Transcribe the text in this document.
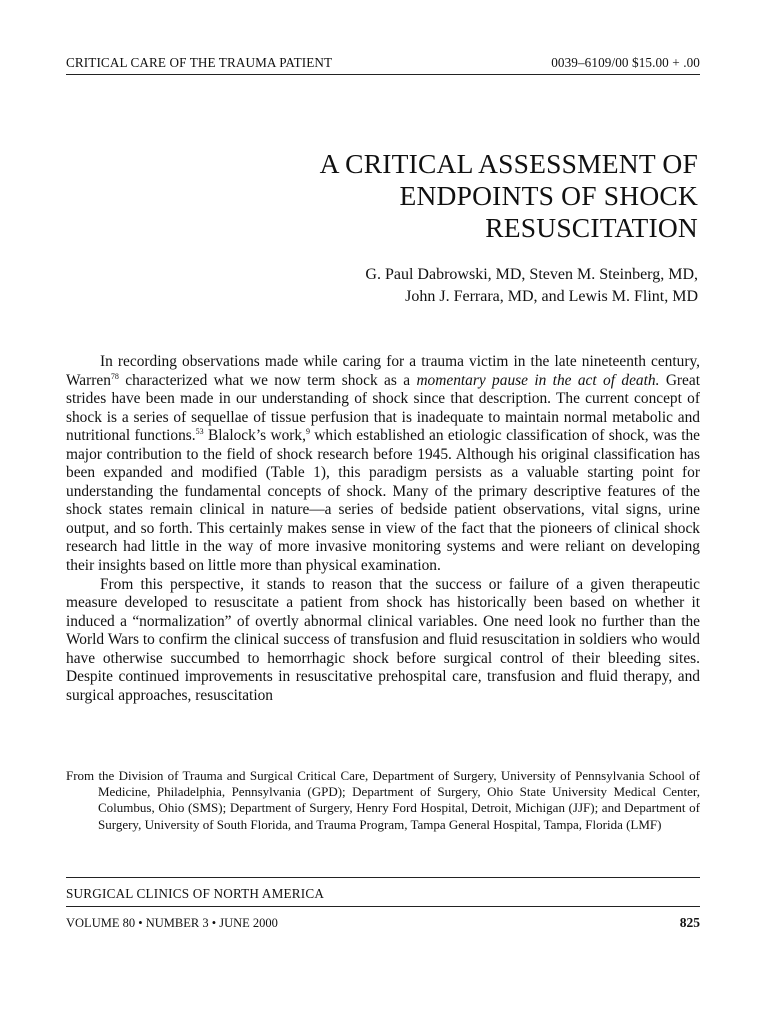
CRITICAL CARE OF THE TRAUMA PATIENT	0039–6109/00 $15.00 + .00
A CRITICAL ASSESSMENT OF
ENDPOINTS OF SHOCK
RESUSCITATION
G. Paul Dabrowski, MD, Steven M. Steinberg, MD,
John J. Ferrara, MD, and Lewis M. Flint, MD

In recording observations made while caring for a trauma victim in the late nineteenth century, Warren$^{78}$ characterized what we now term shock as a momentary pause in the act of death. Great strides have been made in our understanding of shock since that description. The current concept of shock is a series of sequellae of tissue perfusion that is inadequate to maintain normal metabolic and nutritional functions.$^{53}$ Blalock’s work,$^9$ which established an etiologic classification of shock, was the major contribution to the field of shock research before 1945. Although his original classification has been expanded and modified (Table 1), this paradigm persists as a valuable starting point for understanding the fundamental concepts of shock. Many of the primary descriptive features of the shock states remain clinical in nature—a series of bedside patient observations, vital signs, urine output, and so forth. This certainly makes sense in view of the fact that the pioneers of clinical shock research had little in the way of more invasive monitoring systems and were reliant on developing their insights based on little more than physical examination.

From this perspective, it stands to reason that the success or failure of a given therapeutic measure developed to resuscitate a patient from shock has historically been based on whether it induced a “normalization” of overtly abnormal clinical variables. One need look no further than the World Wars to confirm the clinical success of transfusion and fluid resuscitation in soldiers who would have otherwise succumbed to hemorrhagic shock before surgical control of their bleeding sites. Despite continued improvements in resuscitative prehospital care, transfusion and fluid therapy, and surgical approaches, resuscitation

From the Division of Trauma and Surgical Critical Care, Department of Surgery, University of Pennsylvania School of Medicine, Philadelphia, Pennsylvania (GPD); Department of Surgery, Ohio State University Medical Center, Columbus, Ohio (SMS); Department of Surgery, Henry Ford Hospital, Detroit, Michigan (JJF); and Department of Surgery, University of South Florida, and Trauma Program, Tampa General Hospital, Tampa, Florida (LMF)
SURGICAL CLINICS OF NORTH AMERICA
VOLUME 80 • NUMBER 3 • JUNE 2000	825
